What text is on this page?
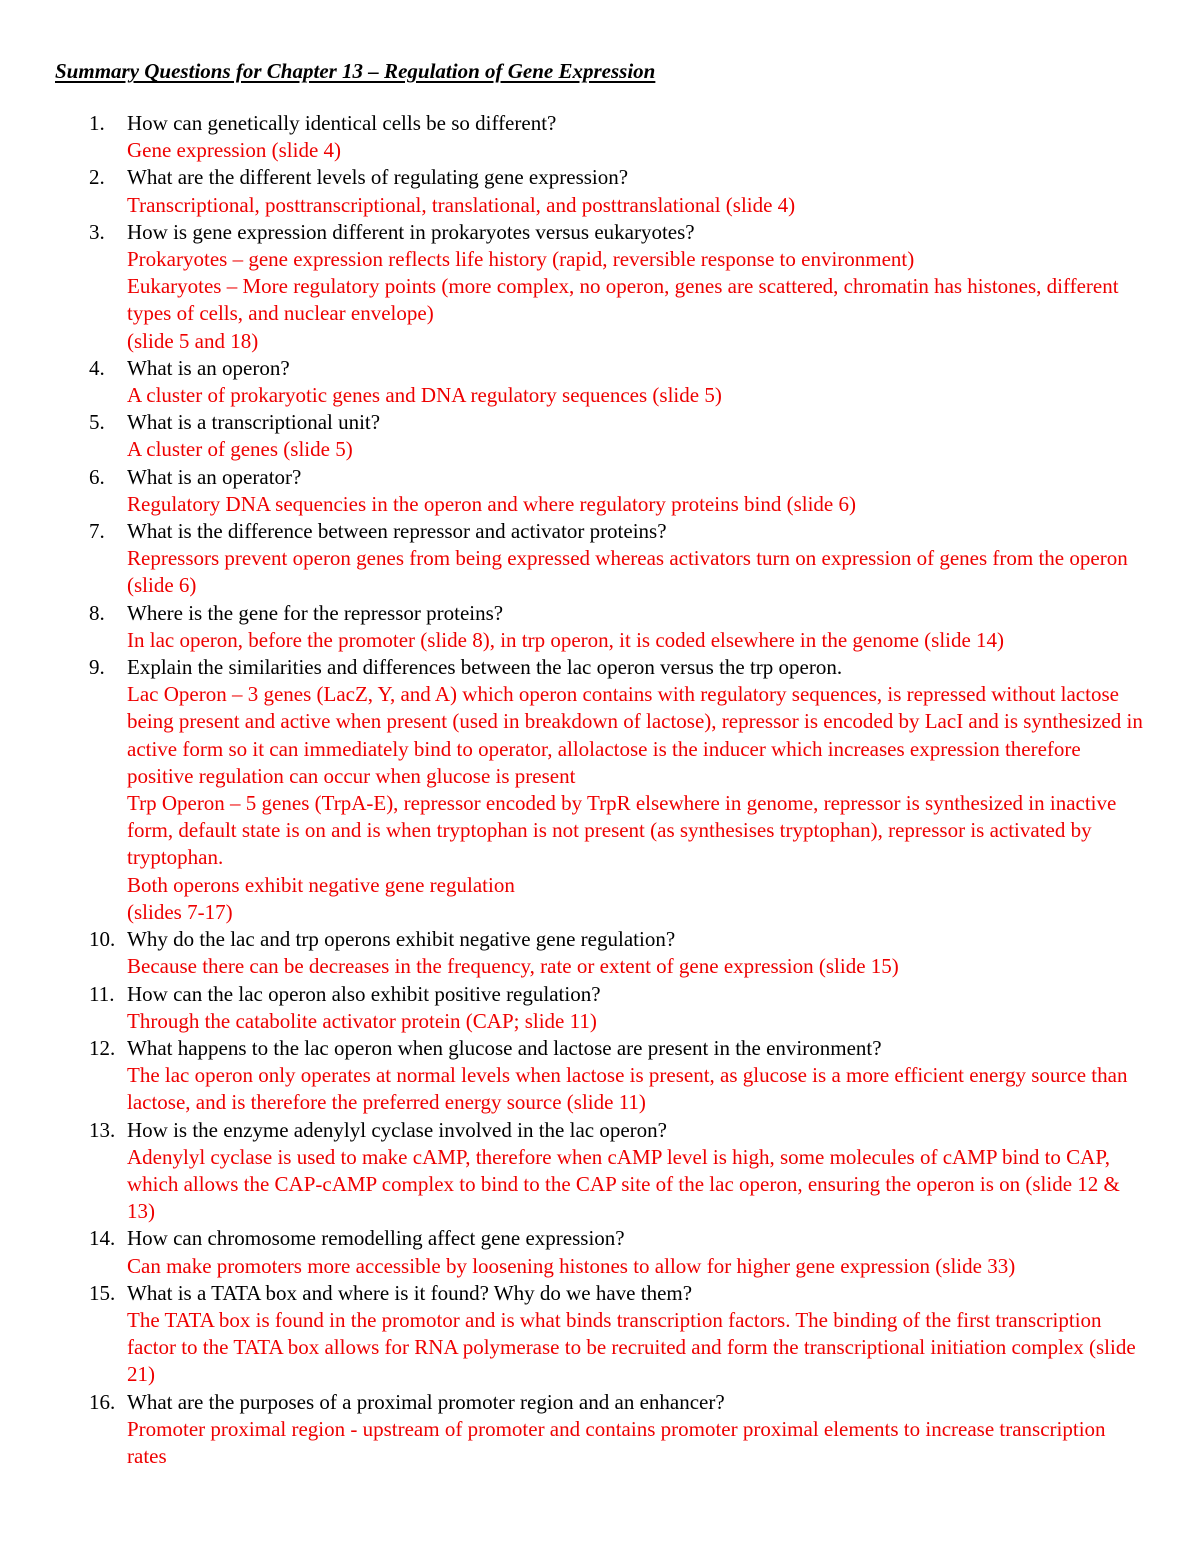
Summary Questions for Chapter 13 – Regulation of Gene Expression
1. How can genetically identical cells be so different?
Gene expression (slide 4)
2. What are the different levels of regulating gene expression?
Transcriptional, posttranscriptional, translational, and posttranslational (slide 4)
3. How is gene expression different in prokaryotes versus eukaryotes?
Prokaryotes – gene expression reflects life history (rapid, reversible response to environment)
Eukaryotes – More regulatory points (more complex, no operon, genes are scattered, chromatin has histones, different types of cells, and nuclear envelope)
(slide 5 and 18)
4. What is an operon?
A cluster of prokaryotic genes and DNA regulatory sequences (slide 5)
5. What is a transcriptional unit?
A cluster of genes (slide 5)
6. What is an operator?
Regulatory DNA sequencies in the operon and where regulatory proteins bind (slide 6)
7. What is the difference between repressor and activator proteins?
Repressors prevent operon genes from being expressed whereas activators turn on expression of genes from the operon (slide 6)
8. Where is the gene for the repressor proteins?
In lac operon, before the promoter (slide 8), in trp operon, it is coded elsewhere in the genome (slide 14)
9. Explain the similarities and differences between the lac operon versus the trp operon.
Lac Operon – 3 genes (LacZ, Y, and A) which operon contains with regulatory sequences, is repressed without lactose being present and active when present (used in breakdown of lactose), repressor is encoded by LacI and is synthesized in active form so it can immediately bind to operator, allolactose is the inducer which increases expression therefore positive regulation can occur when glucose is present
Trp Operon – 5 genes (TrpA-E), repressor encoded by TrpR elsewhere in genome, repressor is synthesized in inactive form, default state is on and is when tryptophan is not present (as synthesises tryptophan), repressor is activated by tryptophan.
Both operons exhibit negative gene regulation
(slides 7-17)
10. Why do the lac and trp operons exhibit negative gene regulation?
Because there can be decreases in the frequency, rate or extent of gene expression (slide 15)
11. How can the lac operon also exhibit positive regulation?
Through the catabolite activator protein (CAP; slide 11)
12. What happens to the lac operon when glucose and lactose are present in the environment?
The lac operon only operates at normal levels when lactose is present, as glucose is a more efficient energy source than lactose, and is therefore the preferred energy source (slide 11)
13. How is the enzyme adenylyl cyclase involved in the lac operon?
Adenylyl cyclase is used to make cAMP, therefore when cAMP level is high, some molecules of cAMP bind to CAP, which allows the CAP-cAMP complex to bind to the CAP site of the lac operon, ensuring the operon is on (slide 12 & 13)
14. How can chromosome remodelling affect gene expression?
Can make promoters more accessible by loosening histones to allow for higher gene expression (slide 33)
15. What is a TATA box and where is it found? Why do we have them?
The TATA box is found in the promotor and is what binds transcription factors. The binding of the first transcription factor to the TATA box allows for RNA polymerase to be recruited and form the transcriptional initiation complex (slide 21)
16. What are the purposes of a proximal promoter region and an enhancer?
Promoter proximal region - upstream of promoter and contains promoter proximal elements to increase transcription rates
